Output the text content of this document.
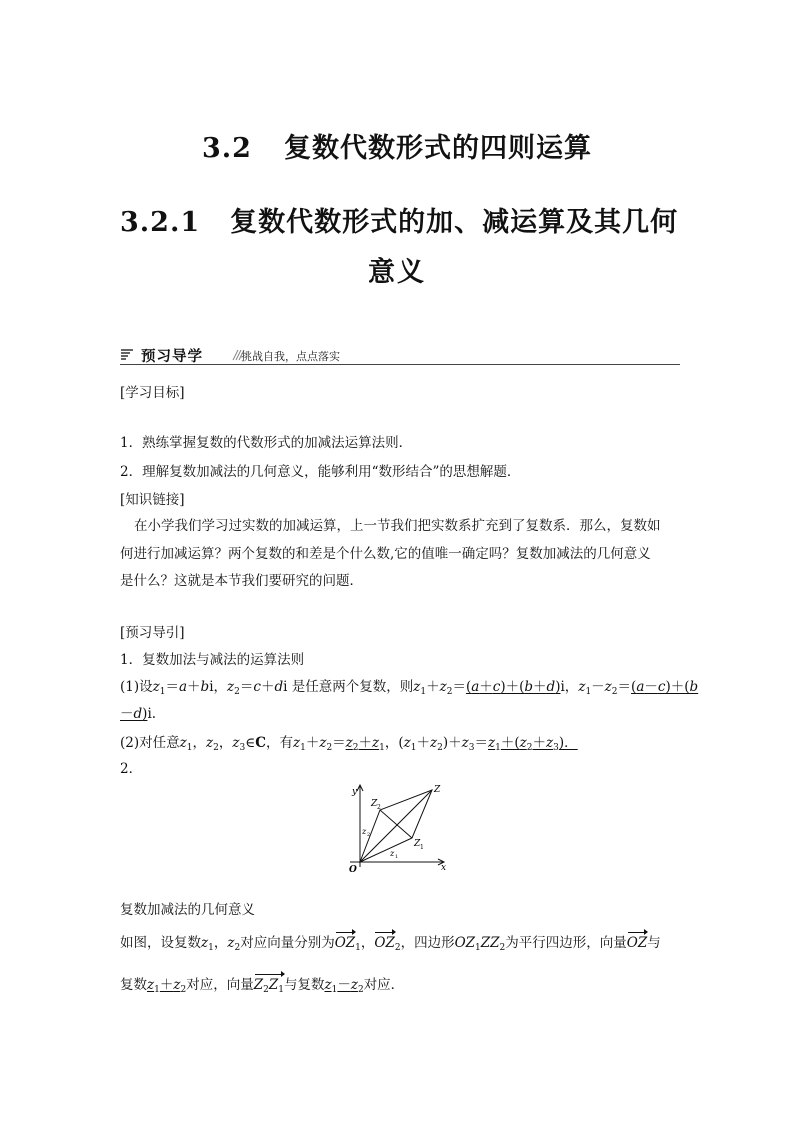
3.2 复数代数形式的四则运算
3.2.1 复数代数形式的加、减运算及其几何
意义
预习导学	挑战自我，点点落实
[学习目标]
1．熟练掌握复数的代数形式的加减法运算法则．
2．理解复数加减法的几何意义，能够利用“数形结合”的思想解题．
[知识链接]
在小学我们学习过实数的加减运算，上一节我们把实数系扩充到了复数系．那么，复数如
何进行加减运算？两个复数的和差是个什么数,它的值唯一确定吗？复数加减法的几何意义
是什么？这就是本节我们要研究的问题．
[预习导引]
1．复数加法与减法的运算法则
(1)设$z_1=a+bi$，$z_2=c+di$ 是任意两个复数，则$z_1+z_2=(a+c)+(b+d)i$，$z_1-z_2=(a-c)+(b$
－d)i.
(2)对任意$z_1$，$z_2$，$z_3\in C$，有$z_1+z_2=z_2+z_1$，$(z_1+z_2)+z_3=z_1+(z_2+z_3)$．
2．
y
x
O
Z
Z 1
Z 2
z 1
z 2
复数加减法的几何意义
如图，设复数$z_1$，$z_2$对应向量分别为$OZ_1$，$OZ_2$，四边形$OZ_1ZZ_2$为平行四边形，向量OZ与
复数$z_1+z_2$对应，向量$Z_2Z_1$与复数$z_1-z_2$对应．
